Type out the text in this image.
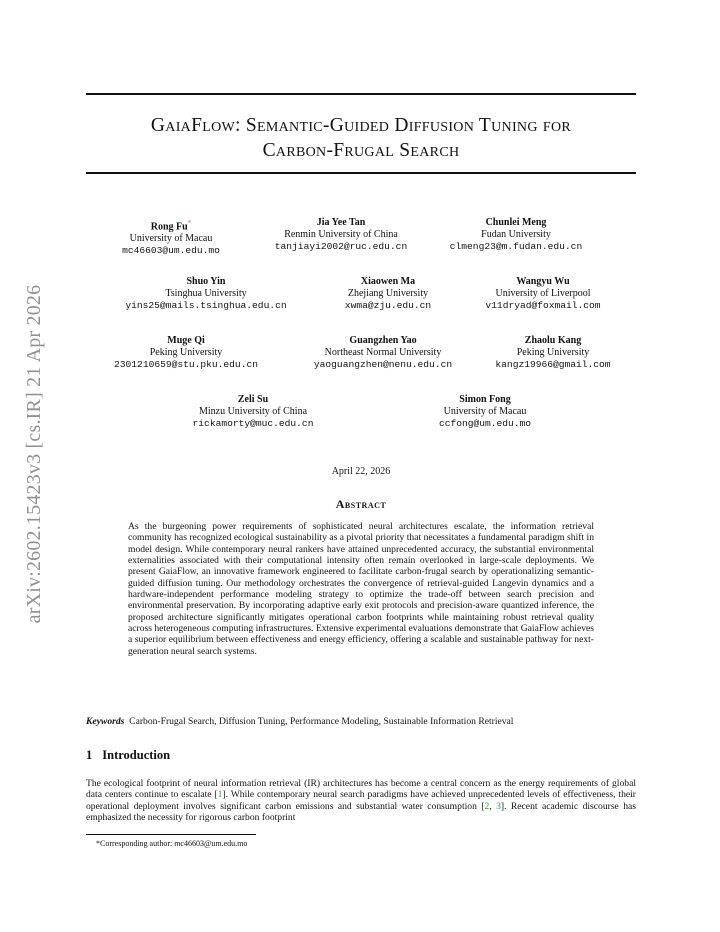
arXiv:2602.15423v3 [cs.IR] 21 Apr 2026
GaiaFlow: Semantic-Guided Diffusion Tuning for
Carbon-Frugal Search
Rong Fu*
University of Macau
mc46603@um.edu.mo
Jia Yee Tan
Renmin University of China
tanjiayi2002@ruc.edu.cn
Chunlei Meng
Fudan University
clmeng23@m.fudan.edu.cn
Shuo Yin
Tsinghua University
yins25@mails.tsinghua.edu.cn
Xiaowen Ma
Zhejiang University
xwma@zju.edu.cn
Wangyu Wu
University of Liverpool
v11dryad@foxmail.com
Muge Qi
Peking University
2301210659@stu.pku.edu.cn
Guangzhen Yao
Northeast Normal University
yaoguangzhen@nenu.edu.cn
Zhaolu Kang
Peking University
kangz19966@gmail.com
Zeli Su
Minzu University of China
rickamorty@muc.edu.cn
Simon Fong
University of Macau
ccfong@um.edu.mo
April 22, 2026
Abstract
As the burgeoning power requirements of sophisticated neural architectures escalate, the information retrieval community has recognized ecological sustainability as a pivotal priority that necessitates a fundamental paradigm shift in model design. While contemporary neural rankers have attained unprecedented accuracy, the substantial environmental externalities associated with their computational intensity often remain overlooked in large-scale deployments. We present GaiaFlow, an innovative framework engineered to facilitate carbon-frugal search by operationalizing semantic-guided diffusion tuning. Our methodology orchestrates the convergence of retrieval-guided Langevin dynamics and a hardware-independent performance modeling strategy to optimize the trade-off between search precision and environmental preservation. By incorporating adaptive early exit protocols and precision-aware quantized inference, the proposed architecture significantly mitigates operational carbon footprints while maintaining robust retrieval quality across heterogeneous computing infrastructures. Extensive experimental evaluations demonstrate that GaiaFlow achieves a superior equilibrium between effectiveness and energy efficiency, offering a scalable and sustainable pathway for next-generation neural search systems.
Keywords Carbon-Frugal Search, Diffusion Tuning, Performance Modeling, Sustainable Information Retrieval
1 Introduction
The ecological footprint of neural information retrieval (IR) architectures has become a central concern as the energy requirements of global data centers continue to escalate [1]. While contemporary neural search paradigms have achieved unprecedented levels of effectiveness, their operational deployment involves significant carbon emissions and substantial water consumption [2, 3]. Recent academic discourse has emphasized the necessity for rigorous carbon footprint
*Corresponding author: mc46603@um.edu.mo
